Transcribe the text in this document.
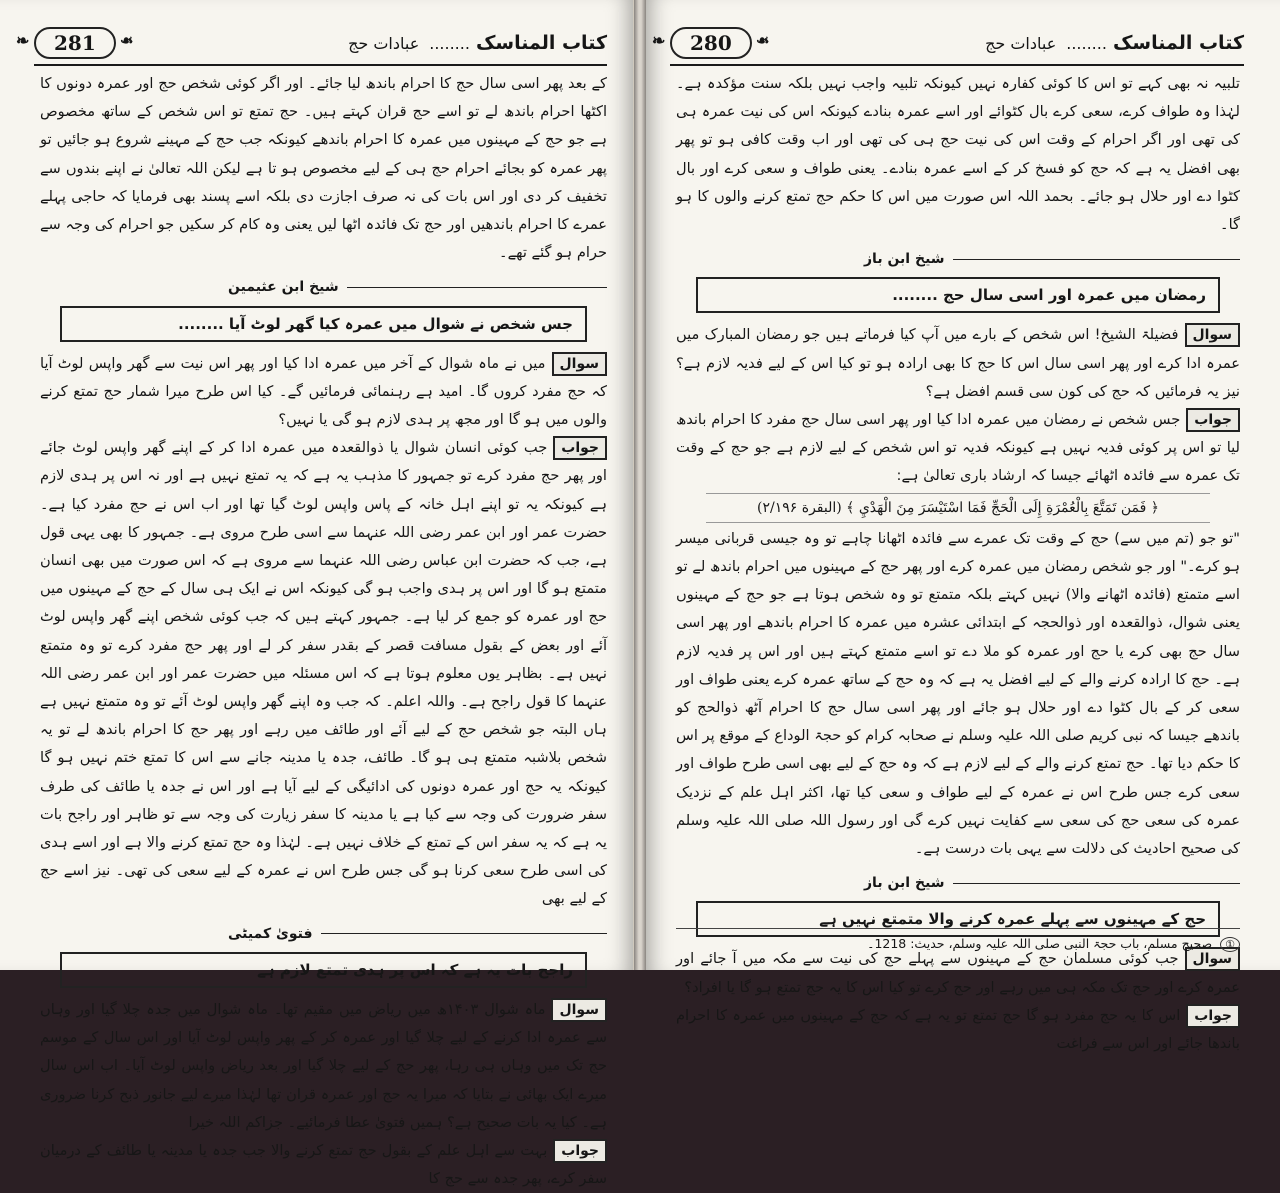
کتاب المناسک
........
عبادات حج
❧ 281 ❧

کے بعد پھر اسی سال حج کا احرام باندھ لیا جائے۔ اور اگر کوئی شخص حج اور عمرہ دونوں کا اکٹھا احرام باندھ لے تو اسے حج قران کہتے ہیں۔ حج تمتع تو اس شخص کے ساتھ مخصوص ہے جو حج کے مہینوں میں عمرہ کا احرام باندھے کیونکہ جب حج کے مہینے شروع ہو جائیں تو پھر عمرہ کو بجائے احرام حج ہی کے لیے مخصوص ہو تا ہے لیکن اللہ تعالیٰ نے اپنے بندوں سے تخفیف کر دی اور اس بات کی نہ صرف اجازت دی بلکہ اسے پسند بھی فرمایا کہ حاجی پہلے عمرے کا احرام باندھیں اور حج تک فائدہ اٹھا لیں یعنی وہ کام کر سکیں جو احرام کی وجہ سے حرام ہو گئے تھے۔

شیخ ابن عثیمین
جس شخص نے شوال میں عمرہ کیا گھر لوٹ آیا ........

سوالمیں نے ماہ شوال کے آخر میں عمرہ ادا کیا اور پھر اس نیت سے گھر واپس لوٹ آیا کہ حج مفرد کروں گا۔ امید ہے رہنمائی فرمائیں گے۔ کیا اس طرح میرا شمار حج تمتع کرنے والوں میں ہو گا اور مجھ پر ہدی لازم ہو گی یا نہیں؟

جوابجب کوئی انسان شوال یا ذوالقعدہ میں عمرہ ادا کر کے اپنے گھر واپس لوٹ جائے اور پھر حج مفرد کرے تو جمہور کا مذہب یہ ہے کہ یہ تمتع نہیں ہے اور نہ اس پر ہدی لازم ہے کیونکہ یہ تو اپنے اہل خانہ کے پاس واپس لوٹ گیا تھا اور اب اس نے حج مفرد کیا ہے۔ حضرت عمر اور ابن عمر رضی اللہ عنہما سے اسی طرح مروی ہے۔ جمہور کا بھی یہی قول ہے، جب کہ حضرت ابن عباس رضی اللہ عنہما سے مروی ہے کہ اس صورت میں بھی انسان متمتع ہو گا اور اس پر ہدی واجب ہو گی کیونکہ اس نے ایک ہی سال کے حج کے مہینوں میں حج اور عمرہ کو جمع کر لیا ہے۔ جمہور کہتے ہیں کہ جب کوئی شخص اپنے گھر واپس لوٹ آئے اور بعض کے بقول مسافت قصر کے بقدر سفر کر لے اور پھر حج مفرد کرے تو وہ متمتع نہیں ہے۔ بظاہر یوں معلوم ہوتا ہے کہ اس مسئلہ میں حضرت عمر اور ابن عمر رضی اللہ عنہما کا قول راجح ہے۔ واللہ اعلم۔ کہ جب وہ اپنے گھر واپس لوٹ آئے تو وہ متمتع نہیں ہے ہاں البتہ جو شخص حج کے لیے آئے اور طائف میں رہے اور پھر حج کا احرام باندھ لے تو یہ شخص بلاشبہ متمتع ہی ہو گا۔ طائف، جدہ یا مدینہ جانے سے اس کا تمتع ختم نہیں ہو گا کیونکہ یہ حج اور عمرہ دونوں کی ادائیگی کے لیے آیا ہے اور اس نے جدہ یا طائف کی طرف سفر ضرورت کی وجہ سے کیا ہے یا مدینہ کا سفر زیارت کی وجہ سے تو ظاہر اور راجح بات یہ ہے کہ یہ سفر اس کے تمتع کے خلاف نہیں ہے۔ لہٰذا وہ حج تمتع کرنے والا ہے اور اسے ہدی کی اسی طرح سعی کرنا ہو گی جس طرح اس نے عمرہ کے لیے سعی کی تھی۔ نیز اسے حج کے لیے بھی

فتویٰ کمیٹی
راجح بات یہ ہے کہ اس پر ہدی تمتع لازم ہے

سوالماہ شوال ۱۴۰۳ھ میں ریاض میں مقیم تھا۔ ماہ شوال میں جدہ چلا گیا اور وہاں سے عمرہ ادا کرنے کے لیے چلا گیا اور عمرہ کر کے پھر واپس لوٹ آیا اور اس سال کے موسم حج تک میں وہاں ہی رہا، پھر حج کے لیے چلا گیا اور بعد ریاض واپس لوٹ آیا۔ اب اس سال میرے ایک بھائی نے بتایا کہ میرا یہ حج اور عمرہ قران تھا لہٰذا میرے لیے جانور ذبح کرنا ضروری ہے۔ کیا یہ بات صحیح ہے؟ ہمیں فتویٰ عطا فرمائیے۔ جزاکم اللہ خیرا

جواببہت سے اہل علم کے بقول حج تمتع کرنے والا جب جدہ یا مدینہ یا طائف کے درمیان سفر کرے، پھر جدہ سے حج کا

کتاب المناسک
........
عبادات حج
❧ 280 ❧

تلبیہ نہ بھی کہے تو اس کا کوئی کفارہ نہیں کیونکہ تلبیہ واجب نہیں بلکہ سنت مؤکدہ ہے۔ لہٰذا وہ طواف کرے، سعی کرے بال کٹوائے اور اسے عمرہ بنادے کیونکہ اس کی نیت عمرہ ہی کی تھی اور اگر احرام کے وقت اس کی نیت حج ہی کی تھی اور اب وقت کافی ہو تو پھر بھی افضل یہ ہے کہ حج کو فسخ کر کے اسے عمرہ بنادے۔ یعنی طواف و سعی کرے اور بال کٹوا دے اور حلال ہو جائے۔ بحمد اللہ اس صورت میں اس کا حکم حج تمتع کرنے والوں کا ہو گا۔

شیخ ابن باز
رمضان میں عمرہ اور اسی سال حج ........

سوالفضیلۃ الشیخ! اس شخص کے بارے میں آپ کیا فرماتے ہیں جو رمضان المبارک میں عمرہ ادا کرے اور پھر اسی سال اس کا حج کا بھی ارادہ ہو تو کیا اس کے لیے فدیہ لازم ہے؟ نیز یہ فرمائیں کہ حج کی کون سی قسم افضل ہے؟

جوابجس شخص نے رمضان میں عمرہ ادا کیا اور پھر اسی سال حج مفرد کا احرام باندھ لیا تو اس پر کوئی فدیہ نہیں ہے کیونکہ فدیہ تو اس شخص کے لیے لازم ہے جو حج کے وقت تک عمرہ سے فائدہ اٹھائے جیسا کہ ارشاد باری تعالیٰ ہے:

﴿ فَمَن تَمَتَّعَ بِالْعُمْرَةِ إِلَى الْحَجِّ فَمَا اسْتَيْسَرَ مِنَ الْهَدْيِ ﴾ (البقرة ۲/۱۹۶)

"تو جو (تم میں سے) حج کے وقت تک عمرے سے فائدہ اٹھانا چاہے تو وہ جیسی قربانی میسر ہو کرے۔" اور جو شخص رمضان میں عمرہ کرے اور پھر حج کے مہینوں میں احرام باندھ لے تو اسے متمتع (فائدہ اٹھانے والا) نہیں کہتے بلکہ متمتع تو وہ شخص ہوتا ہے جو حج کے مہینوں یعنی شوال، ذوالقعدہ اور ذوالحجہ کے ابتدائی عشرہ میں عمرہ کا احرام باندھے اور پھر اسی سال حج بھی کرے یا حج اور عمرہ کو ملا دے تو اسے متمتع کہتے ہیں اور اس پر فدیہ لازم ہے۔ حج کا ارادہ کرنے والے کے لیے افضل یہ ہے کہ وہ حج کے ساتھ عمرہ کرے یعنی طواف اور سعی کر کے بال کٹوا دے اور حلال ہو جائے اور پھر اسی سال حج کا احرام آٹھ ذوالحج کو باندھے جیسا کہ نبی کریم صلی اللہ علیہ وسلم نے صحابہ کرام کو حجۃ الوداع کے موقع پر اس کا حکم دیا تھا۔ حج تمتع کرنے والے کے لیے لازم ہے کہ وہ حج کے لیے بھی اسی طرح طواف اور سعی کرے جس طرح اس نے عمرہ کے لیے طواف و سعی کیا تھا، اکثر اہل علم کے نزدیک عمرہ کی سعی حج کی سعی سے کفایت نہیں کرے گی اور رسول اللہ صلی اللہ علیہ وسلم کی صحیح احادیث کی دلالت سے یہی بات درست ہے۔

شیخ ابن باز
حج کے مہینوں سے پہلے عمرہ کرنے والا متمتع نہیں ہے

سوالجب کوئی مسلمان حج کے مہینوں سے پہلے حج کی نیت سے مکہ میں آ جائے اور عمرہ کرے اور حج تک مکہ ہی میں رہے اور حج کرے تو کیا اس کا یہ حج تمتع ہو گا یا افراد؟

جواباس کا یہ حج مفرد ہو گا حج تمتع تو یہ ہے کہ حج کے مہینوں میں عمرہ کا احرام باندھا جائے اور اس سے فراغت

① صحیح مسلم، باب حجۃ النبی صلی اللہ علیہ وسلم، حدیث: 1218۔
